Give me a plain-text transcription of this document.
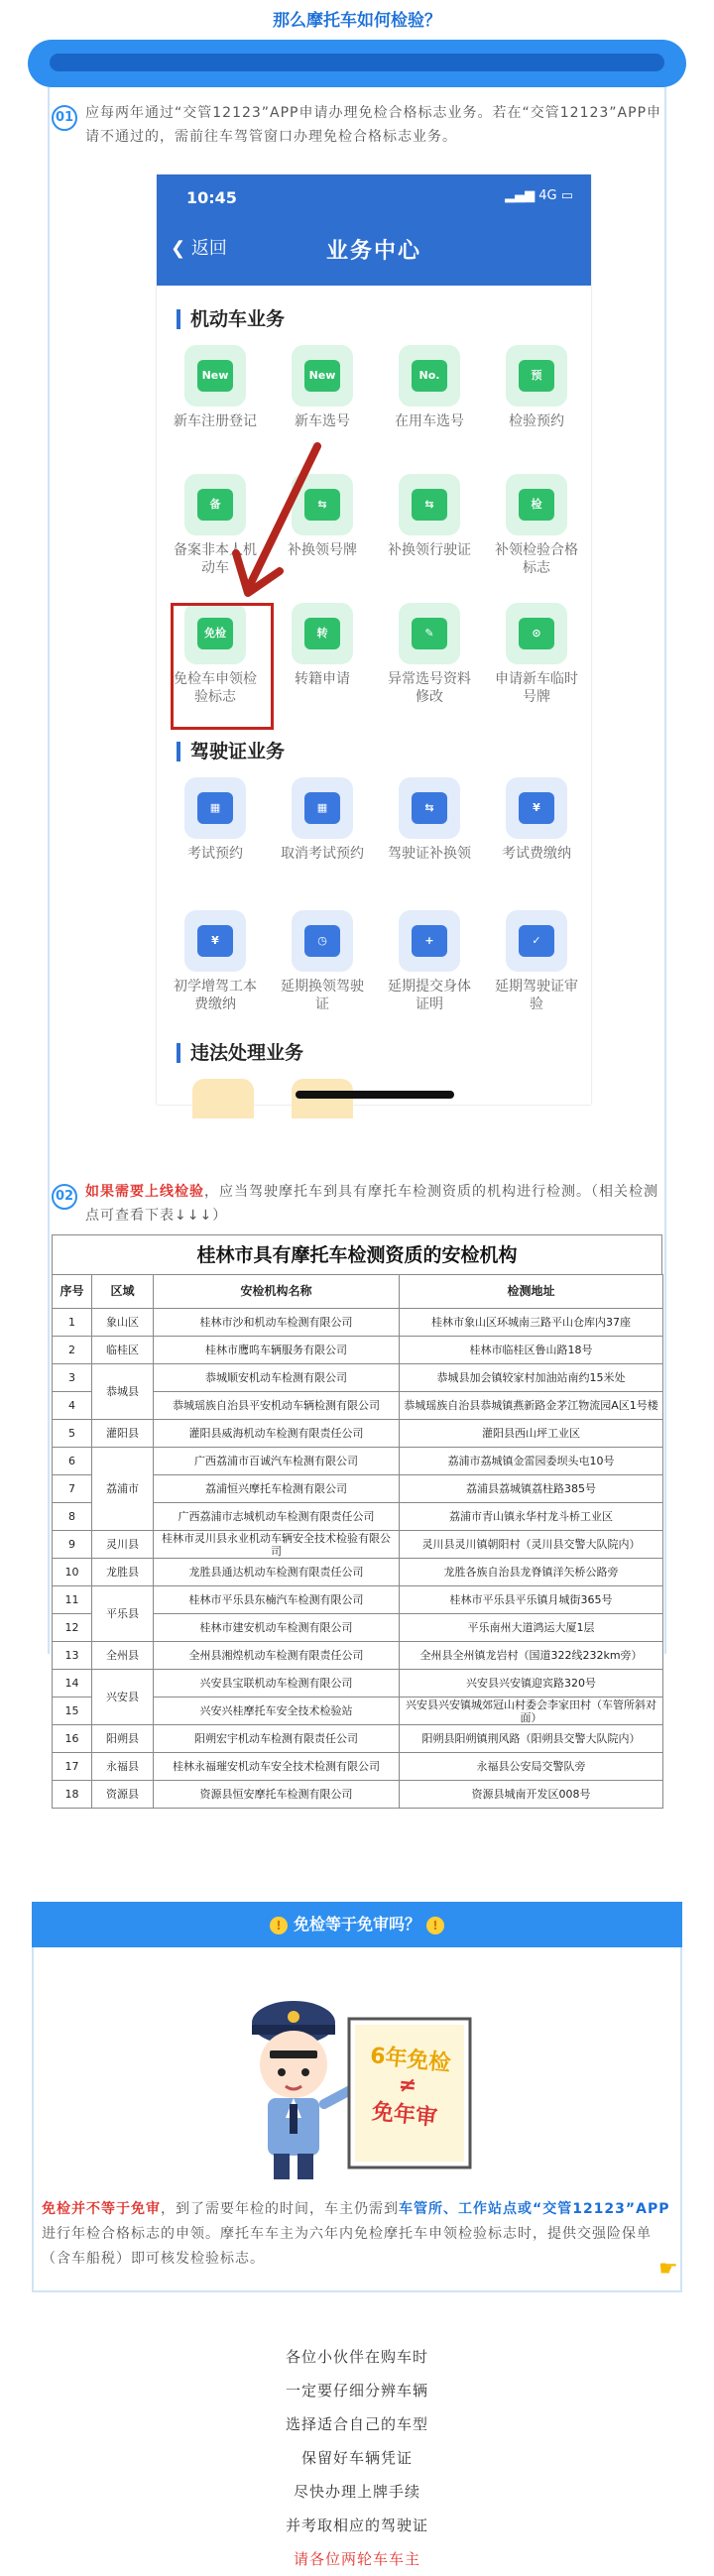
那么摩托车如何检验？
01 应每两年通过“交管12123”APP申请办理免检合格标志业务。若在“交管12123”APP申请不通过的，需前往车驾管窗口办理免检合格标志业务。
10:45	▂▄▆ 4G ▭
❮ 返回	业务中心
机动车业务
New
新车注册登记
New
新车选号
No.
在用车选号
预
检验预约
备
备案非本人机动车
⇆
补换领号牌
⇆
补换领行驶证
检
补领检验合格标志
免检
免检车申领检验标志
转
转籍申请
✎
异常选号资料修改
⊙
申请新车临时号牌
驾驶证业务
▦
考试预约
▦
取消考试预约
⇆
驾驶证补换领
¥
考试费缴纳
¥
初学增驾工本费缴纳
◷
延期换领驾驶证
+
延期提交身体证明
✓
延期驾驶证审验
违法处理业务
02 如果需要上线检验，应当驾驶摩托车到具有摩托车检测资质的机构进行检测。（相关检测点可查看下表↓↓↓）
桂林市具有摩托车检测资质的安检机构
序号	区域	安检机构名称	检测地址
1	象山区	桂林市沙和机动车检测有限公司	桂林市象山区环城南三路平山仓库内37座
2	临桂区	桂林市鹰呜车辆服务有限公司	桂林市临桂区鲁山路18号
3	恭城县	恭城顺安机动车检测有限公司	恭城县加会镇较家村加油站南约15米处
4		恭城瑶族自治县平安机动车辆检测有限公司	恭城瑶族自治县恭城镇燕新路金茅江物流园A区1号楼
5	灌阳县	灌阳县威海机动车检测有限责任公司	灌阳县西山坪工业区
6	荔浦市	广西荔浦市百诚汽车检测有限公司	荔浦市荔城镇金雷园委坝头屯10号
7		荔浦恒兴摩托车检测有限公司	荔浦县荔城镇荔柱路385号
8		广西荔浦市志城机动车检测有限责任公司	荔浦市青山镇永华村龙斗桥工业区
9	灵川县	桂林市灵川县永业机动车辆安全技术检验有限公司	灵川县灵川镇朝阳村（灵川县交警大队院内）
10	龙胜县	龙胜县通达机动车检测有限责任公司	龙胜各族自治县龙脊镇洋矢桥公路旁
11	平乐县	桂林市平乐县东楠汽车检测有限公司	桂林市平乐县平乐镇月城街365号
12		桂林市建安机动车检测有限公司	平乐南州大道鸿运大厦1层
13	全州县	全州县湘煌机动车检测有限责任公司	全州县全州镇龙岩村（国道322线232km旁）
14	兴安县	兴安县宝联机动车检测有限公司	兴安县兴安镇迎宾路320号
15		兴安兴桂摩托车安全技术检验站	兴安县兴安镇城郊冠山村委会李家田村（车管所斜对面）
16	阳朔县	阳朔宏宇机动车检测有限责任公司	阳朔县阳朔镇荆风路（阳朔县交警大队院内）
17	永福县	桂林永福璀安机动车安全技术检测有限公司	永福县公安局交警队旁
18	资源县	资源县恒安摩托车检测有限公司	资源县城南开发区008号
! 免检等于免审吗？ !
6年免检
≠
免年审
免检并不等于免审，到了需要年检的时间，车主仍需到车管所、工作站点或“交管12123”APP进行年检合格标志的申领。摩托车车主为六年内免检摩托车申领检验标志时，提供交强险保单（含车船税）即可核发检验标志。	☛
各位小伙伴在购车时
一定要仔细分辨车辆
选择适合自己的车型
保留好车辆凭证
尽快办理上牌手续
并考取相应的驾驶证
请各位两轮车车主
